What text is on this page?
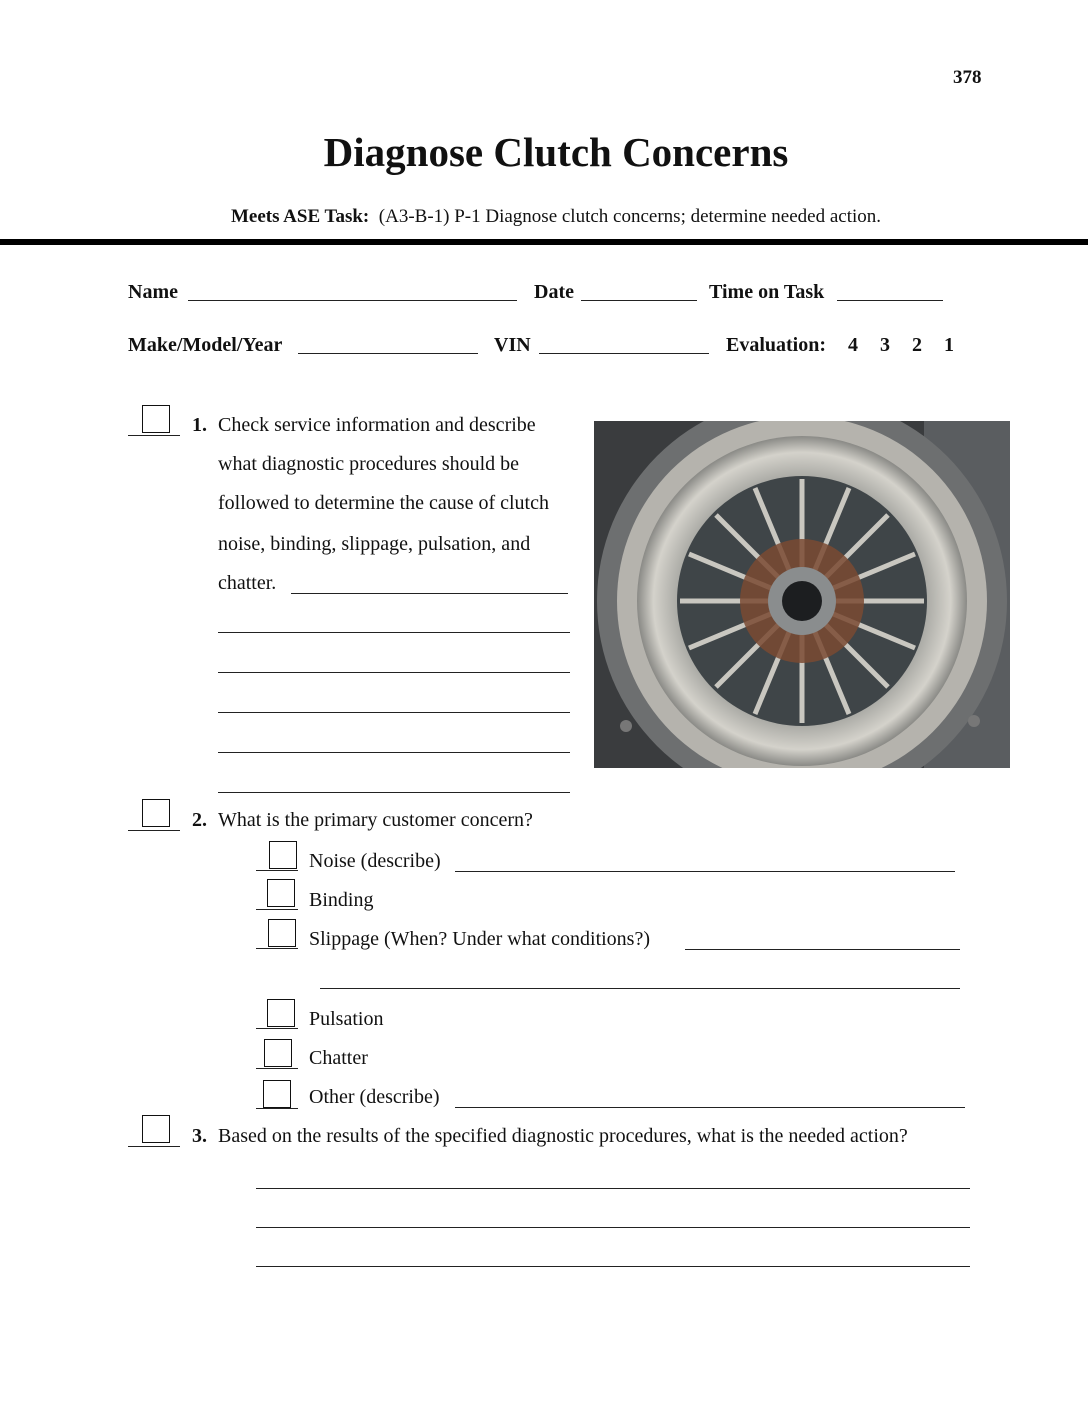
378
Diagnose Clutch Concerns
Meets ASE Task: (A3-B-1) P-1 Diagnose clutch concerns; determine needed action.
Name	Date	Time on Task
Make/Model/Year	VIN	Evaluation: 4 3 2 1
1. Check service information and describe
what diagnostic procedures should be
followed to determine the cause of clutch
noise, binding, slippage, pulsation, and
chatter.
2. What is the primary customer concern?
Noise (describe)
Binding
Slippage (When? Under what conditions?)
Pulsation
Chatter
Other (describe)
3. Based on the results of the specified diagnostic procedures, what is the needed action?
